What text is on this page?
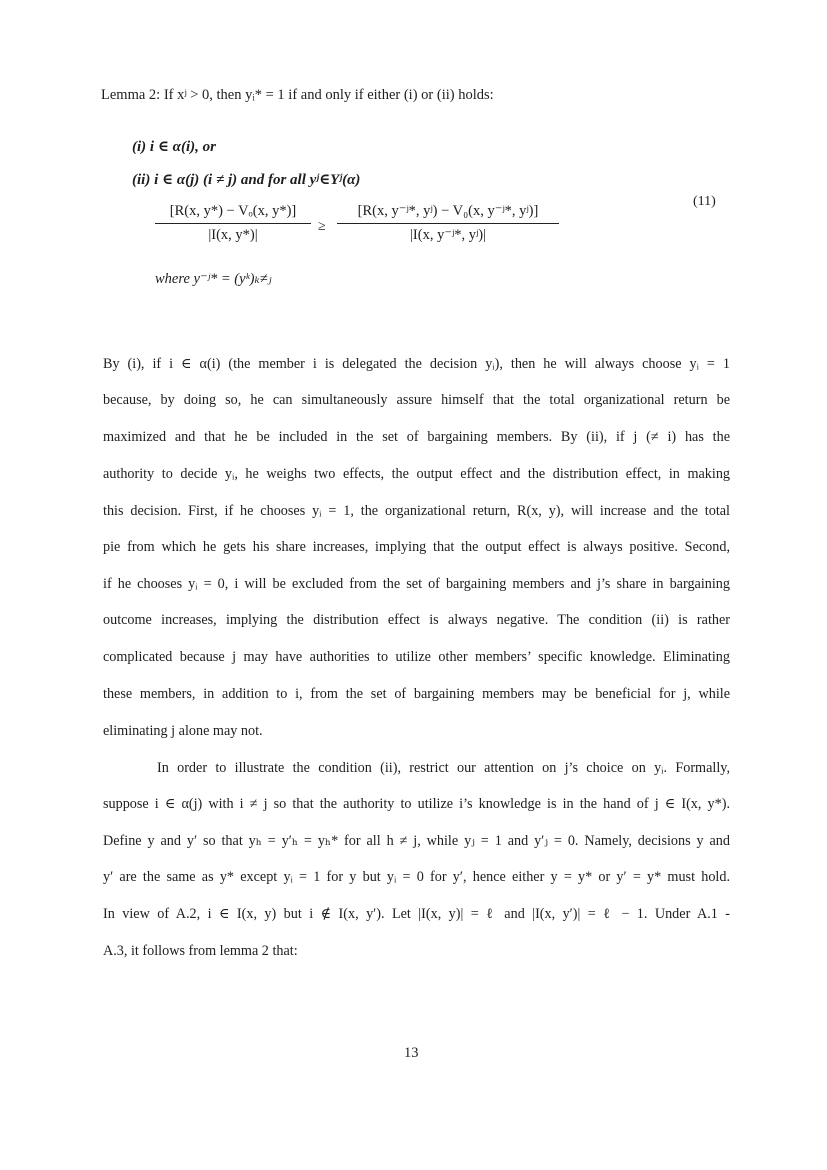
Lemma 2: If xʲ > 0, then yᵢ* = 1 if and only if either (i) or (ii) holds:
(i) i ∈ α(i), or
(ii) i ∈ α(j) (i ≠ j) and for all yʲ∈Yʲ(α)
[R(x, y*) − Vₒ(x, y*)]
|I(x, y*)|
≥
[R(x, y⁻ʲ*, yʲ) − V₀(x, y⁻ʲ*, yʲ)]
|I(x, y⁻ʲ*, yʲ)|
(11)
where y⁻ʲ* = (yᵏ)ₖ≠ⱼ
By (i), if i ∈ α(i) (the member i is delegated the decision yᵢ), then he will always choose yᵢ = 1
because, by doing so, he can simultaneously assure himself that the total organizational return be
maximized and that he be included in the set of bargaining members. By (ii), if j (≠ i) has the
authority to decide yᵢ, he weighs two effects, the output effect and the distribution effect, in making
this decision. First, if he chooses yᵢ = 1, the organizational return, R(x, y), will increase and the total
pie from which he gets his share increases, implying that the output effect is always positive. Second,
if he chooses yᵢ = 0, i will be excluded from the set of bargaining members and j’s share in bargaining
outcome increases, implying the distribution effect is always negative. The condition (ii) is rather
complicated because j may have authorities to utilize other members’ specific knowledge. Eliminating
these members, in addition to i, from the set of bargaining members may be beneficial for j, while
eliminating j alone may not.
In order to illustrate the condition (ii), restrict our attention on j’s choice on yᵢ. Formally,
suppose i ∈ α(j) with i ≠ j so that the authority to utilize i’s knowledge is in the hand of j ∈ I(x, y*).
Define y and y′ so that yₕ = y′ₕ = yₕ* for all h ≠ j, while yⱼ = 1 and y′ⱼ = 0. Namely, decisions y and
y′ are the same as y* except yᵢ = 1 for y but yᵢ = 0 for y′, hence either y = y* or y′ = y* must hold.
In view of A.2, i ∈ I(x, y) but i ∉ I(x, y′). Let |I(x, y)| = ℓ and |I(x, y′)| = ℓ − 1. Under A.1 -
A.3, it follows from lemma 2 that:
13
